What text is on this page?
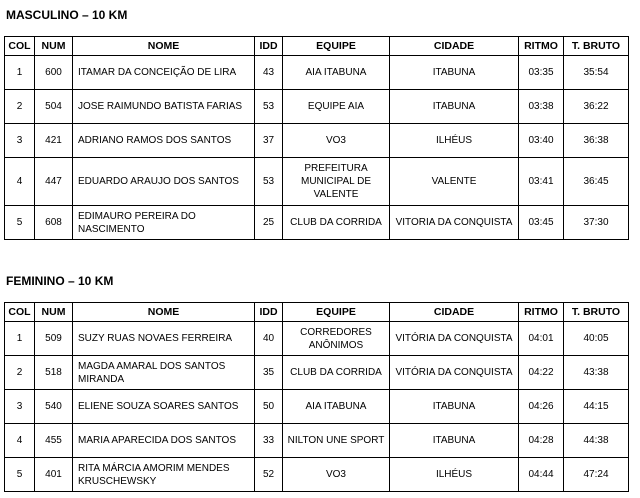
MASCULINO – 10 KM
COL	NUM	NOME	IDD	EQUIPE	CIDADE	RITMO	T. BRUTO
1	600	ITAMAR DA CONCEIÇÃO DE LIRA	43	AIA ITABUNA	ITABUNA	03:35	35:54
2	504	JOSE RAIMUNDO BATISTA FARIAS	53	EQUIPE AIA	ITABUNA	03:38	36:22
3	421	ADRIANO RAMOS DOS SANTOS	37	VO3	ILHÉUS	03:40	36:38
4	447	EDUARDO ARAUJO DOS SANTOS	53	PREFEITURA MUNICIPAL DE VALENTE	VALENTE	03:41	36:45
5	608	EDIMAURO PEREIRA DO NASCIMENTO	25	CLUB DA CORRIDA	VITORIA DA CONQUISTA	03:45	37:30
FEMININO – 10 KM
COL	NUM	NOME	IDD	EQUIPE	CIDADE	RITMO	T. BRUTO
1	509	SUZY RUAS NOVAES FERREIRA	40	CORREDORES ANÔNIMOS	VITÓRIA DA CONQUISTA	04:01	40:05
2	518	MAGDA AMARAL DOS SANTOS MIRANDA	35	CLUB DA CORRIDA	VITÓRIA DA CONQUISTA	04:22	43:38
3	540	ELIENE SOUZA SOARES SANTOS	50	AIA ITABUNA	ITABUNA	04:26	44:15
4	455	MARIA APARECIDA DOS SANTOS	33	NILTON UNE SPORT	ITABUNA	04:28	44:38
5	401	RITA MÁRCIA AMORIM MENDES KRUSCHEWSKY	52	VO3	ILHÉUS	04:44	47:24
